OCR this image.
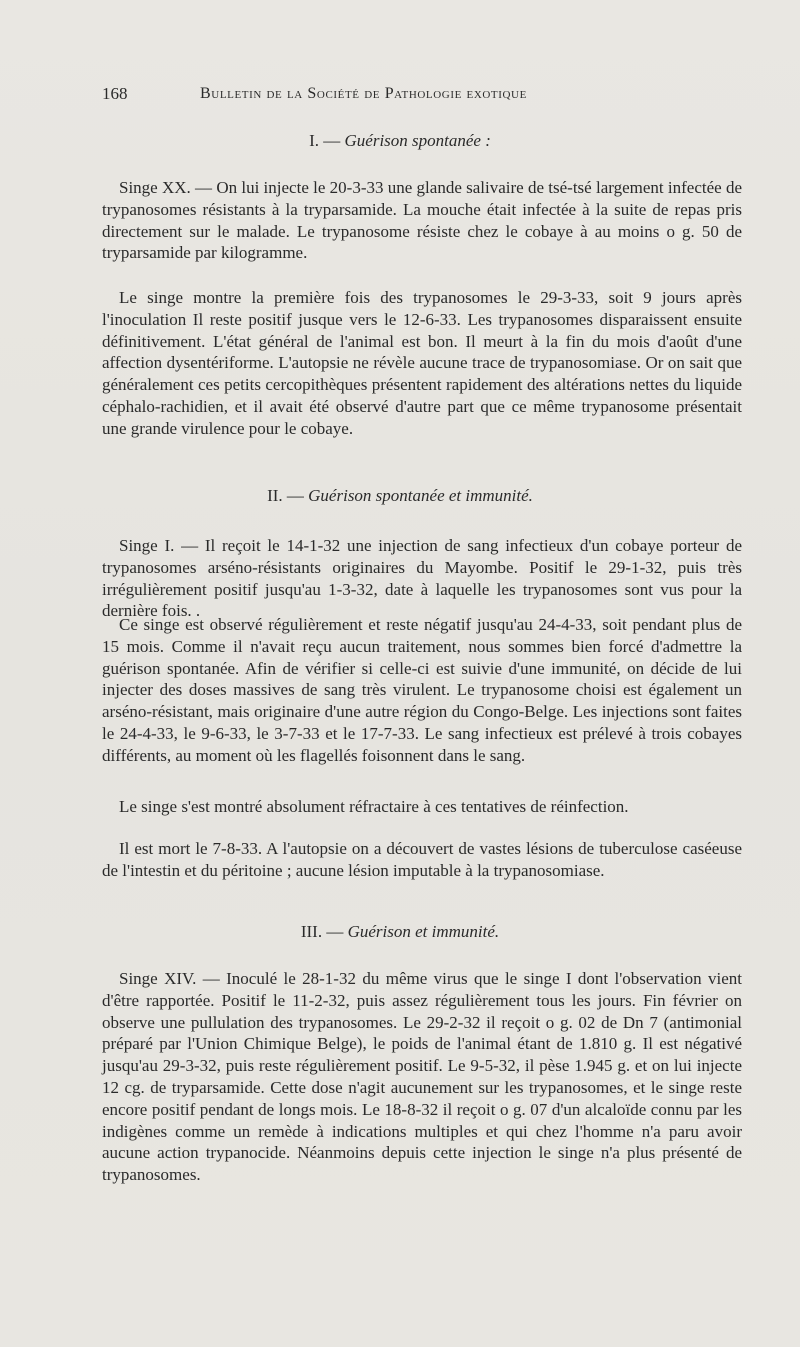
168	Bulletin de la Société de Pathologie exotique
I. — Guérison spontanée :

Singe XX. — On lui injecte le 20-3-33 une glande salivaire de tsé-tsé largement infectée de trypanosomes résistants à la tryparsamide. La mouche était infectée à la suite de repas pris directement sur le malade. Le trypanosome résiste chez le cobaye à au moins o g. 50 de tryparsamide par kilogramme.

Le singe montre la première fois des trypanosomes le 29-3-33, soit 9 jours après l'inoculation Il reste positif jusque vers le 12-6-33. Les trypanosomes disparaissent ensuite définitivement. L'état général de l'animal est bon. Il meurt à la fin du mois d'août d'une affection dysentériforme. L'autopsie ne révèle aucune trace de trypanosomiase. Or on sait que généralement ces petits cercopithèques présentent rapidement des altérations nettes du liquide céphalo-rachidien, et il avait été observé d'autre part que ce même trypanosome présentait une grande virulence pour le cobaye.

II. — Guérison spontanée et immunité.

Singe I. — Il reçoit le 14-1-32 une injection de sang infectieux d'un cobaye porteur de trypanosomes arséno-résistants originaires du Mayombe. Positif le 29-1-32, puis très irrégulièrement positif jusqu'au 1-3-32, date à laquelle les trypanosomes sont vus pour la dernière fois. .

Ce singe est observé régulièrement et reste négatif jusqu'au 24-4-33, soit pendant plus de 15 mois. Comme il n'avait reçu aucun traitement, nous sommes bien forcé d'admettre la guérison spontanée. Afin de vérifier si celle-ci est suivie d'une immunité, on décide de lui injecter des doses massives de sang très virulent. Le trypanosome choisi est également un arséno-résistant, mais originaire d'une autre région du Congo-Belge. Les injections sont faites le 24-4-33, le 9-6-33, le 3-7-33 et le 17-7-33. Le sang infectieux est prélevé à trois cobayes différents, au moment où les flagellés foisonnent dans le sang.

Le singe s'est montré absolument réfractaire à ces tentatives de réinfection.

Il est mort le 7-8-33. A l'autopsie on a découvert de vastes lésions de tuberculose caséeuse de l'intestin et du péritoine ; aucune lésion imputable à la trypanosomiase.

III. — Guérison et immunité.

Singe XIV. — Inoculé le 28-1-32 du même virus que le singe I dont l'observation vient d'être rapportée. Positif le 11-2-32, puis assez régulièrement tous les jours. Fin février on observe une pullulation des trypanosomes. Le 29-2-32 il reçoit o g. 02 de Dn 7 (antimonial préparé par l'Union Chimique Belge), le poids de l'animal étant de 1.810 g. Il est négativé jusqu'au 29-3-32, puis reste régulièrement positif. Le 9-5-32, il pèse 1.945 g. et on lui injecte 12 cg. de tryparsamide. Cette dose n'agit aucunement sur les trypanosomes, et le singe reste encore positif pendant de longs mois. Le 18-8-32 il reçoit o g. 07 d'un alcaloïde connu par les indigènes comme un remède à indications multiples et qui chez l'homme n'a paru avoir aucune action trypanocide. Néanmoins depuis cette injection le singe n'a plus présenté de trypanosomes.
